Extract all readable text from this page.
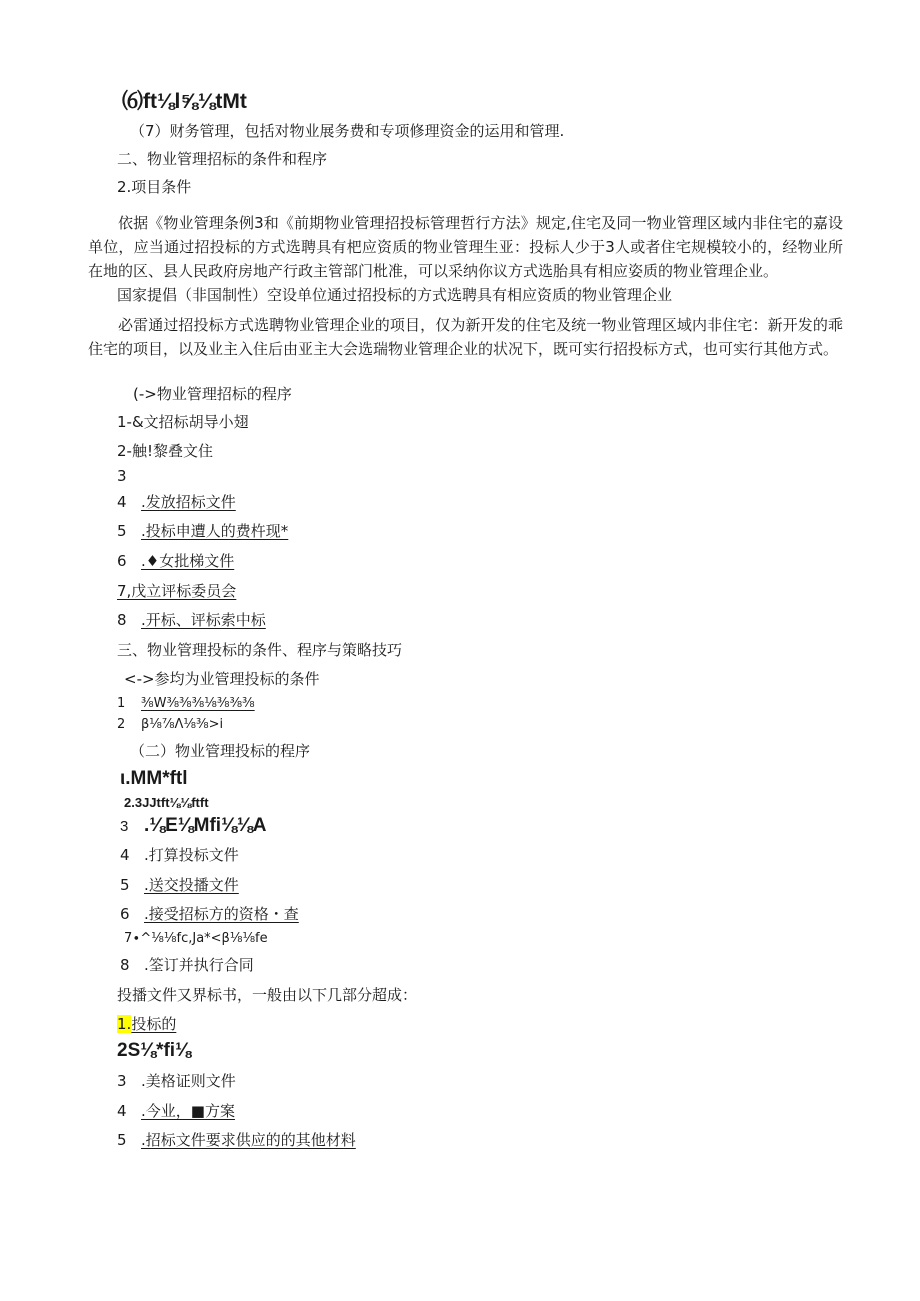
⑹ft⅛l⅝⅛tMt
（7）财务管理，包括对物业展务费和专项修理资金的运用和管理.
二、物业管理招标的条件和程序
2.项目条件
依据《物业管理条例3和《前期物业管理招投标管理哲行方法》规定,住宅及同一物业管理区域内非住宅的嘉设单位，应当通过招投标的方式选聘具有杷应资质的物业管理生亚：投标人少于3人或者住宅规模较小的，经物业所在地的区、县人民政府房地产行政主管部门枇准，可以采纳你议方式选胎具有相应姿质的物业管理企业。
国家提倡（非国制性）空设单位通过招投标的方式选聘具有相应资质的物业管理企业
必雷通过招投标方式选聘物业管理企业的项目，仅为新开发的住宅及统一物业管理区域内非住宅：新开发的乖住宅的项目，以及业主入住后由亚主大会选瑞物业管理企业的状况下，既可实行招投标方式，也可实行其他方式。
(->物业管理招标的程序
1-&文招标胡导小翅
2-触!黎叠文住
3
4 .发放招标文件
5 .投标申遭人的费杵现*
6 .♦女批梯文件
7,戊立评标委员会
8 .开标、评标索中标
三、物业管理投标的条件、程序与策略技巧
<->参均为业管理投标的条件
1 ⅜W⅜⅜⅜⅛⅜⅜⅜
2 β⅛⅞Λ⅛⅜>i
（二）物业管理投标的程序
ι.MM*ftl
2.3JJtft⅛⅛ftft
3 .⅛E⅛Mfi⅛⅛A
4 .打算投标文件
5 .送交投播文件
6 .接受招标方的资格・查
7∙^⅛⅛fc,Ja*<β⅛⅛fe
8 .筌订并执行合同
投播文件又界标书，一般由以下几部分超成：
1.投标的
2S⅛*fi⅛
3 .美格证则文件
4 .今业，■方案
5 .招标文件要求供应的的其他材料
